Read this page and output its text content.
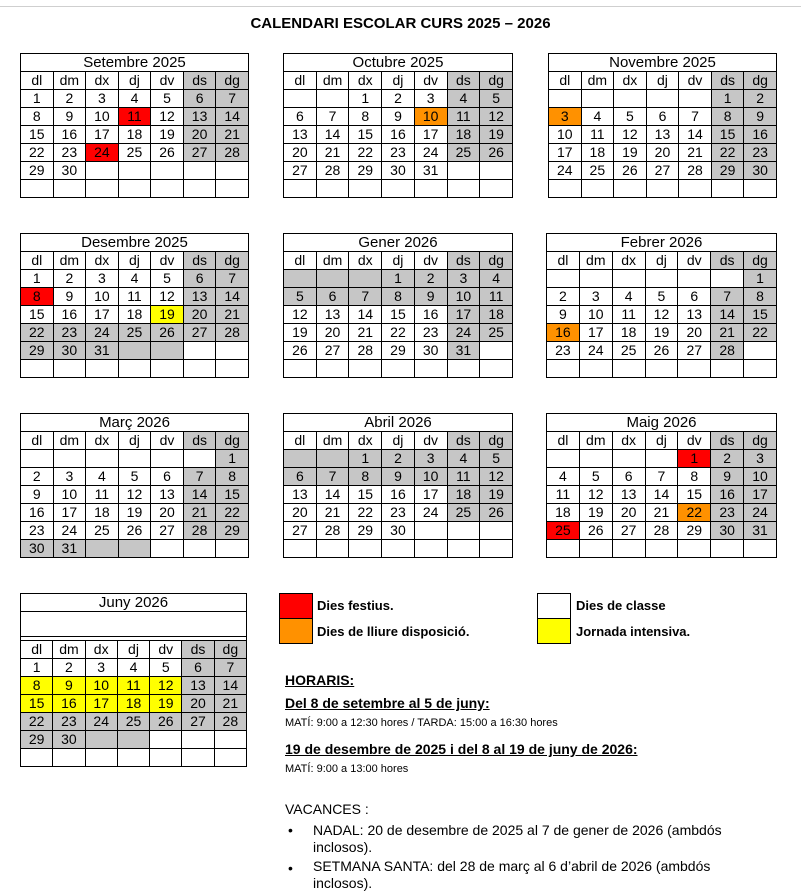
CALENDARI ESCOLAR CURS 2025 – 2026
Setembre 2025						
dl	dm	dx	dj	dv	ds	dg
1	2	3	4	5	6	7
8	9	10	11	12	13	14
15	16	17	18	19	20	21
22	23	24	25	26	27	28
29	30					

Octubre 2025						
dl	dm	dx	dj	dv	ds	dg
		1	2	3	4	5
6	7	8	9	10	11	12
13	14	15	16	17	18	19
20	21	22	23	24	25	26
27	28	29	30	31		

Novembre 2025						
dl	dm	dx	dj	dv	ds	dg
					1	2
3	4	5	6	7	8	9
10	11	12	13	14	15	16
17	18	19	20	21	22	23
24	25	26	27	28	29	30

Desembre 2025						
dl	dm	dx	dj	dv	ds	dg
1	2	3	4	5	6	7
8	9	10	11	12	13	14
15	16	17	18	19	20	21
22	23	24	25	26	27	28
29	30	31				

Gener 2026						
dl	dm	dx	dj	dv	ds	dg
			1	2	3	4
5	6	7	8	9	10	11
12	13	14	15	16	17	18
19	20	21	22	23	24	25
26	27	28	29	30	31	

Febrer 2026						
dl	dm	dx	dj	dv	ds	dg
						1
2	3	4	5	6	7	8
9	10	11	12	13	14	15
16	17	18	19	20	21	22
23	24	25	26	27	28	

Març 2026						
dl	dm	dx	dj	dv	ds	dg
						1
2	3	4	5	6	7	8
9	10	11	12	13	14	15
16	17	18	19	20	21	22
23	24	25	26	27	28	29
30	31					
Abril 2026						
dl	dm	dx	dj	dv	ds	dg
		1	2	3	4	5
6	7	8	9	10	11	12
13	14	15	16	17	18	19
20	21	22	23	24	25	26
27	28	29	30			

Maig 2026						
dl	dm	dx	dj	dv	ds	dg
				1	2	3
4	5	6	7	8	9	10
11	12	13	14	15	16	17
18	19	20	21	22	23	24
25	26	27	28	29	30	31

Juny 2026						

dl	dm	dx	dj	dv	ds	dg
1	2	3	4	5	6	7
8	9	10	11	12	13	14
15	16	17	18	19	20	21
22	23	24	25	26	27	28
29	30					

Dies festius.
Dies de lliure disposició.
Dies de classe
Jornada intensiva.
HORARIS:
Del 8 de setembre al 5 de juny:
MATÍ: 9:00 a 12:30 hores / TARDA: 15:00 a 16:30 hores
19 de desembre de 2025 i del 8 al 19 de juny de 2026:
MATÍ: 9:00 a 13:00 hores
VACANCES :
• NADAL: 20 de desembre de 2025 al 7 de gener de 2026 (ambdós
inclosos).
• SETMANA SANTA: del 28 de març al 6 d’abril de 2026 (ambdós
inclosos).
